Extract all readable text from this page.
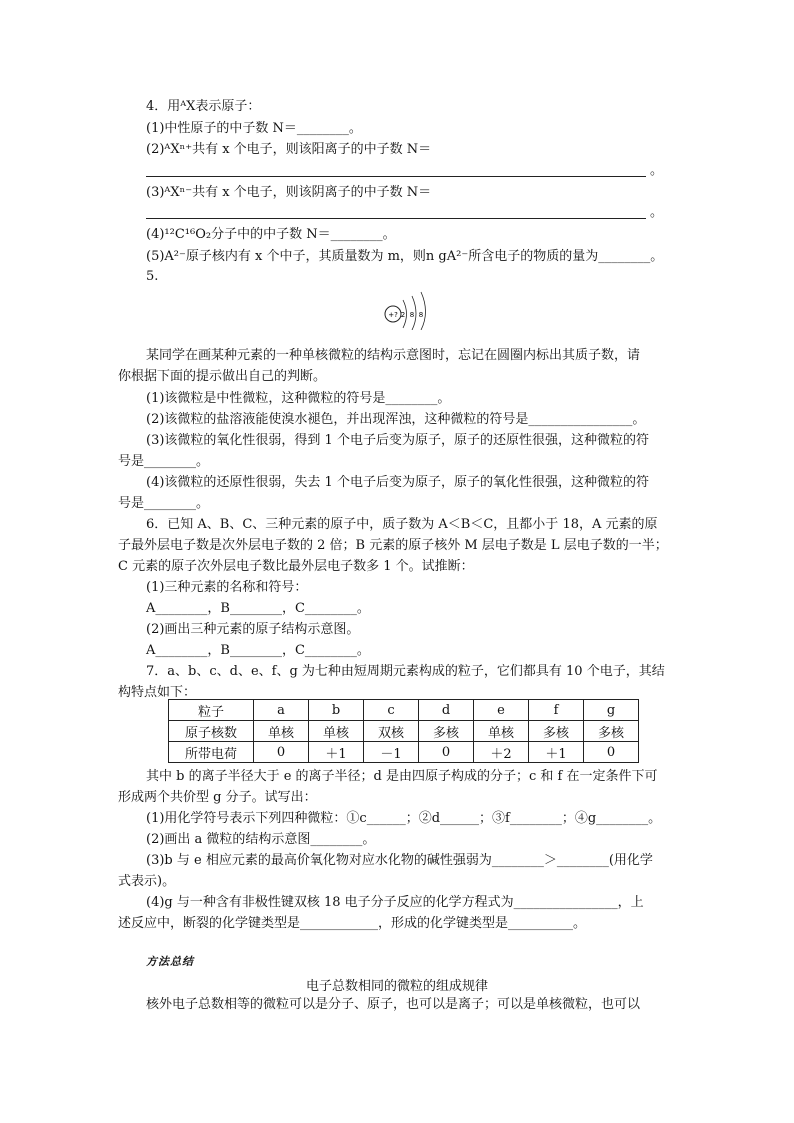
4．用ᴬX表示原子：
(1)中性原子的中子数 N＝________。
(2)ᴬXⁿ⁺共有 x 个电子，则该阳离子的中子数 N＝
。
(3)ᴬXⁿ⁻共有 x 个电子，则该阴离子的中子数 N＝
。
(4)¹²C¹⁶O₂分子中的中子数 N＝________。
(5)A²⁻原子核内有 x 个中子，其质量数为 m，则n gA²⁻所含电子的物质的量为________。
5.
+? 2 8 8
某同学在画某种元素的一种单核微粒的结构示意图时，忘记在圆圈内标出其质子数，请
你根据下面的提示做出自己的判断。
(1)该微粒是中性微粒，这种微粒的符号是________。
(2)该微粒的盐溶液能使溴水褪色，并出现浑浊，这种微粒的符号是________________。
(3)该微粒的氧化性很弱，得到 1 个电子后变为原子，原子的还原性很强，这种微粒的符
号是________。
(4)该微粒的还原性很弱，失去 1 个电子后变为原子，原子的氧化性很强，这种微粒的符
号是________。
6．已知 A、B、C、三种元素的原子中，质子数为 A＜B＜C，且都小于 18，A 元素的原
子最外层电子数是次外层电子数的 2 倍；B 元素的原子核外 M 层电子数是 L 层电子数的一半；
C 元素的原子次外层电子数比最外层电子数多 1 个。试推断：
(1)三种元素的名称和符号：
A________，B________，C________。
(2)画出三种元素的原子结构示意图。
A________，B________，C________。
7．a、b、c、d、e、f、g 为七种由短周期元素构成的粒子，它们都具有 10 个电子，其结
构特点如下：
粒子	a	b	c	d	e	f	g
原子核数	单核	单核	双核	多核	单核	多核	多核
所带电荷	0	＋1	－1	0	＋2	＋1	0
其中 b 的离子半径大于 e 的离子半径；d 是由四原子构成的分子；c 和 f 在一定条件下可
形成两个共价型 g 分子。试写出：
(1)用化学符号表示下列四种微粒：①c______；②d______；③f________；④g________。
(2)画出 a 微粒的结构示意图________。
(3)b 与 e 相应元素的最高价氧化物对应水化物的碱性强弱为________＞________(用化学
式表示)。
(4)g 与一种含有非极性键双核 18 电子分子反应的化学方程式为________________，上
述反应中，断裂的化学键类型是____________，形成的化学键类型是__________。
方法总结
电子总数相同的微粒的组成规律
核外电子总数相等的微粒可以是分子、原子，也可以是离子；可以是单核微粒，也可以
